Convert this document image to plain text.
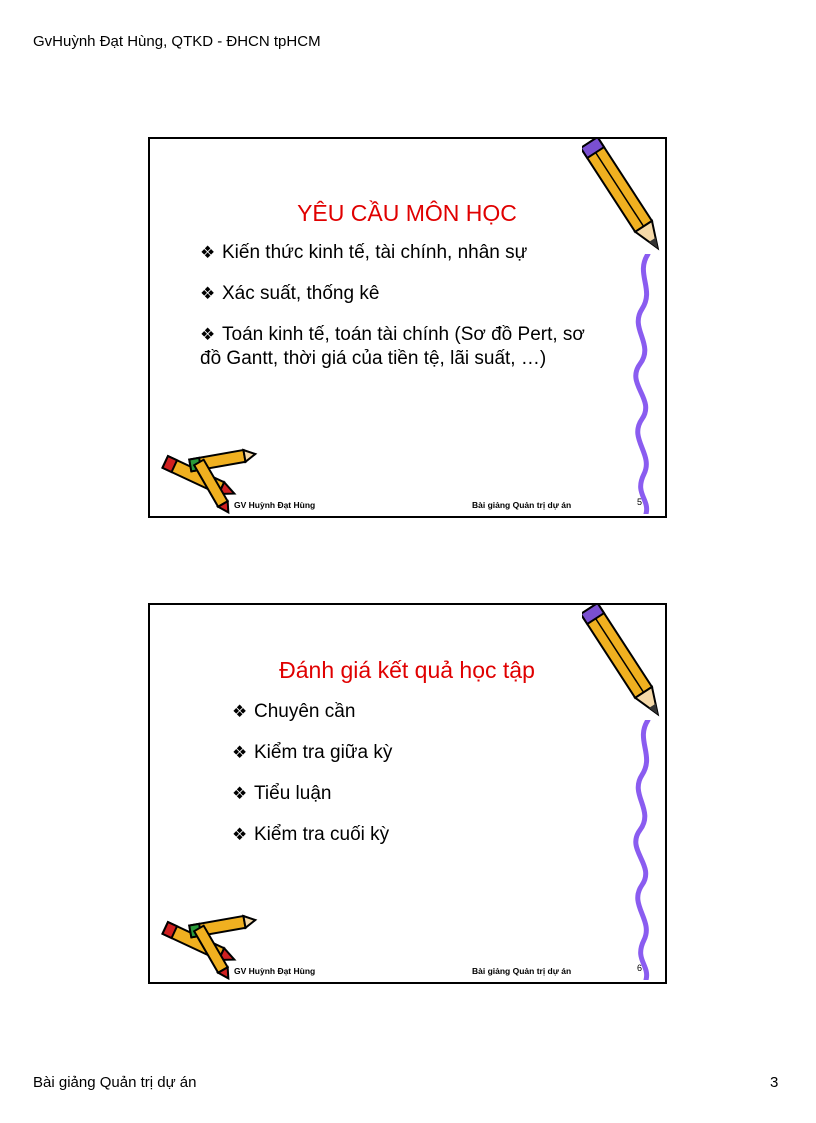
GvHuỳnh Đạt Hùng, QTKD - ĐHCN tpHCM
YÊU CẦU MÔN HỌC
❖ Kiến thức kinh tế, tài chính, nhân sự
❖ Xác suất, thống kê
❖ Toán kinh tế, toán tài chính (Sơ đồ Pert, sơ đồ Gantt, thời giá của tiền tệ, lãi suất, …)
GV Huỳnh Đạt Hùng	Bài giảng Quản trị dự án	5
Đánh giá kết quả học tập
❖ Chuyên cần
❖ Kiểm tra giữa kỳ
❖ Tiểu luận
❖ Kiểm tra cuối kỳ
GV Huỳnh Đạt Hùng	Bài giảng Quản trị dự án	6
Bài giảng Quản trị dự án	3
